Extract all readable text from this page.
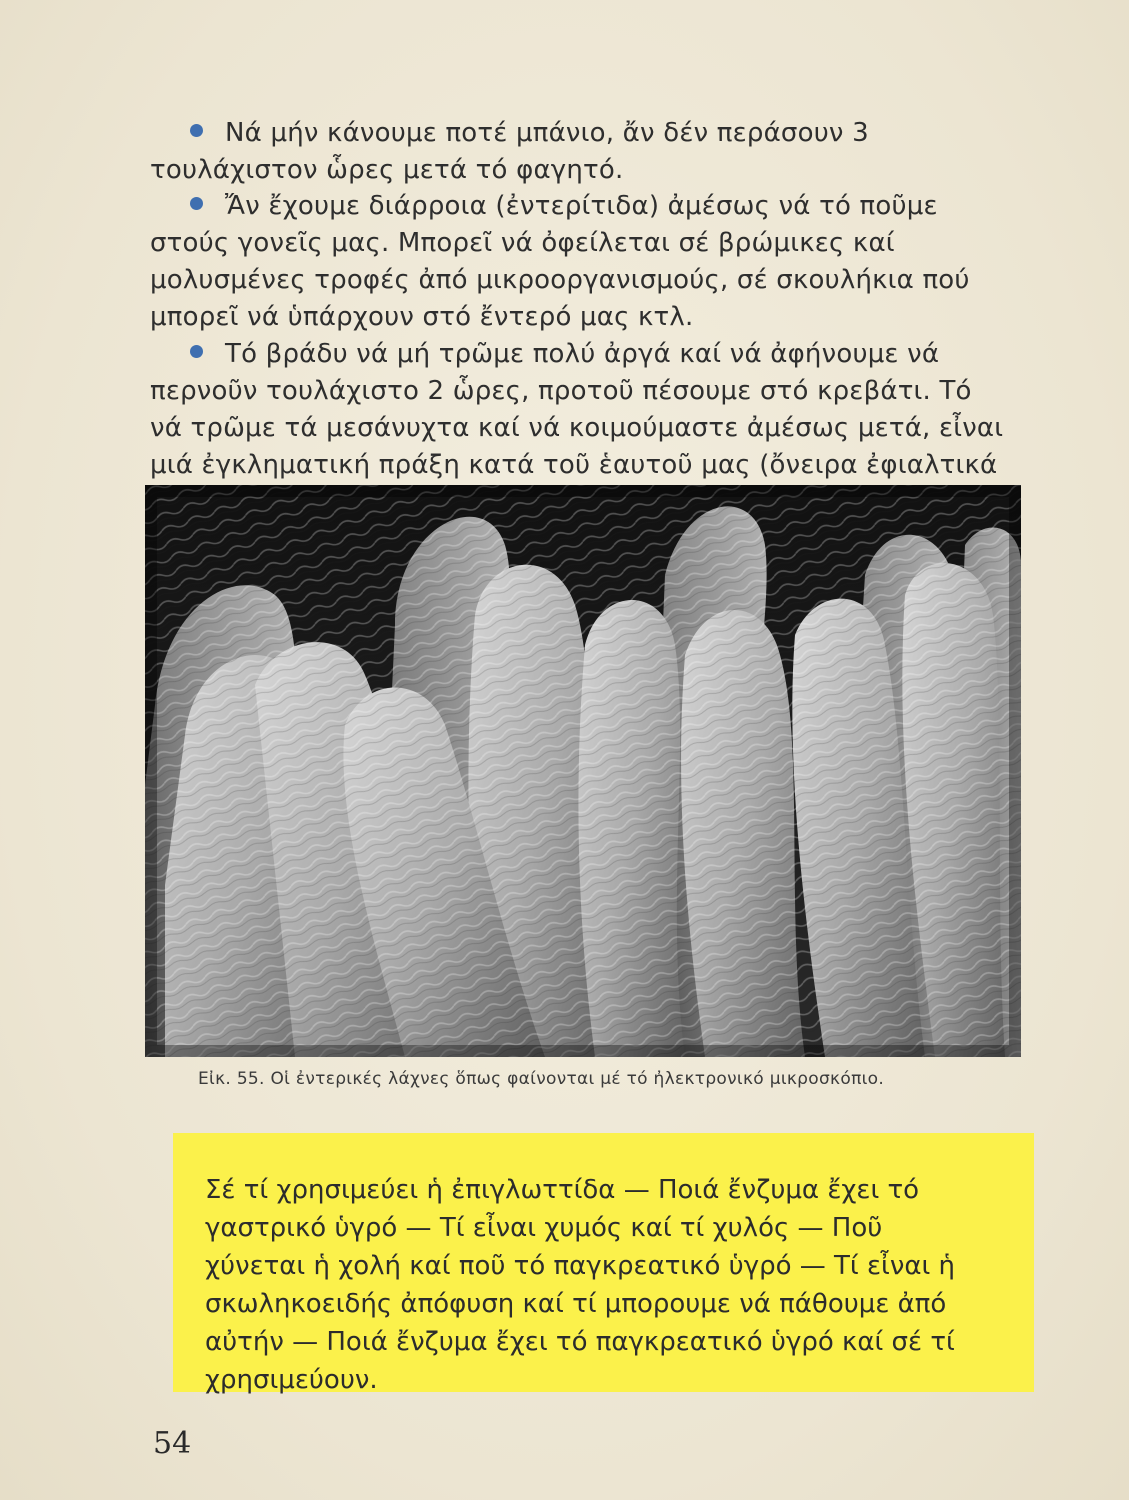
Νά μήν κάνουμε ποτέ μπάνιο, ἄν δέν περάσουν 3 τουλάχιστον ὧρες μετά τό φαγητό.

Ἄν ἔχουμε διάρροια (ἐντερίτιδα) ἀμέσως νά τό ποῦμε στούς γονεῖς μας. Μπορεῖ νά ὀφείλεται σέ βρώμικες καί μολυσμένες τροφές ἀπό μικροοργανισμούς, σέ σκουλήκια πού μπορεῖ νά ὑπάρχουν στό ἔντερό μας κτλ.

Τό βράδυ νά μή τρῶμε πολύ ἀργά καί νά ἀφήνουμε νά περνοῦν τουλάχιστο 2 ὧρες, προτοῦ πέσουμε στό κρεβάτι. Τό νά τρῶμε τά μεσάνυχτα καί νά κοιμούμαστε ἀμέσως μετά, εἶναι μιά ἐγκληματική πράξη κατά τοῦ ἑαυτοῦ μας (ὄνειρα ἐφιαλτικά

Εἰκ. 55. Οἱ ἐντερικές λάχνες ὅπως φαίνονται μέ τό ἠλεκτρονικό μικροσκόπιο.

Σέ τί χρησιμεύει ἡ ἐπιγλωττίδα — Ποιά ἔνζυμα ἔχει τό γαστρικό ὑγρό — Τί εἶναι χυμός καί τί χυλός — Ποῦ χύνεται ἡ χολή καί ποῦ τό παγκρεατικό ὑγρό — Τί εἶναι ἡ σκωληκοειδής ἀπόφυση καί τί μπορουμε νά πάθουμε ἀπό αὐτήν — Ποιά ἔνζυμα ἔχει τό παγκρεατικό ὑγρό καί σέ τί χρησιμεύουν.

54
